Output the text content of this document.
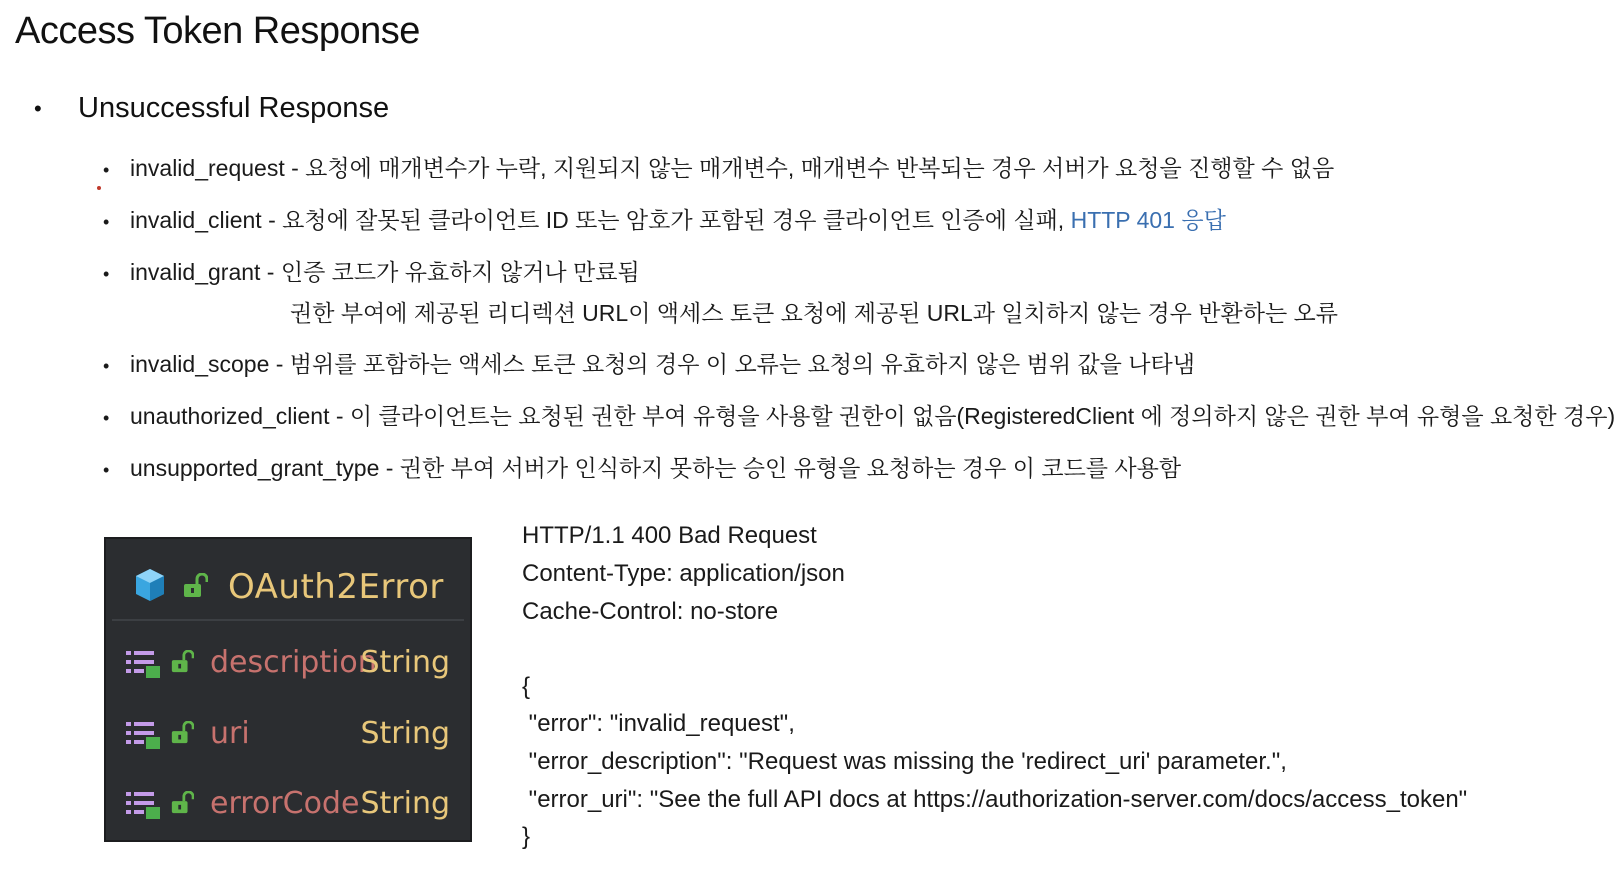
Access Token Response
• Unsuccessful Response
• invalid_request - 요청에 매개변수가 누락, 지원되지 않는 매개변수, 매개변수 반복되는 경우 서버가 요청을 진행할 수 없음
• invalid_client - 요청에 잘못된 클라이언트 ID 또는 암호가 포함된 경우 클라이언트 인증에 실패, HTTP 401 응답
• invalid_grant - 인증 코드가 유효하지 않거나 만료됨
• invalid_scope - 범위를 포함하는 액세스 토큰 요청의 경우 이 오류는 요청의 유효하지 않은 범위 값을 나타냄
• unauthorized_client - 이 클라이언트는 요청된 권한 부여 유형을 사용할 권한이 없음(RegisteredClient 에 정의하지 않은 권한 부여 유형을 요청한 경우)
• unsupported_grant_type - 권한 부여 서버가 인식하지 못하는 승인 유형을 요청하는 경우 이 코드를 사용함
권한 부여에 제공된 리디렉션 URL이 액세스 토큰 요청에 제공된 URL과 일치하지 않는 경우 반환하는 오류
OAuth2Error
description
String
uri	String
errorCode String
HTTP/1.1 400 Bad Request
Content-Type: application/json
Cache-Control: no-store
{
"error": "invalid_request",
"error_description": "Request was missing the 'redirect_uri' parameter.",
"error_uri": "See the full API docs at https://authorization-server.com/docs/access_token"
}
